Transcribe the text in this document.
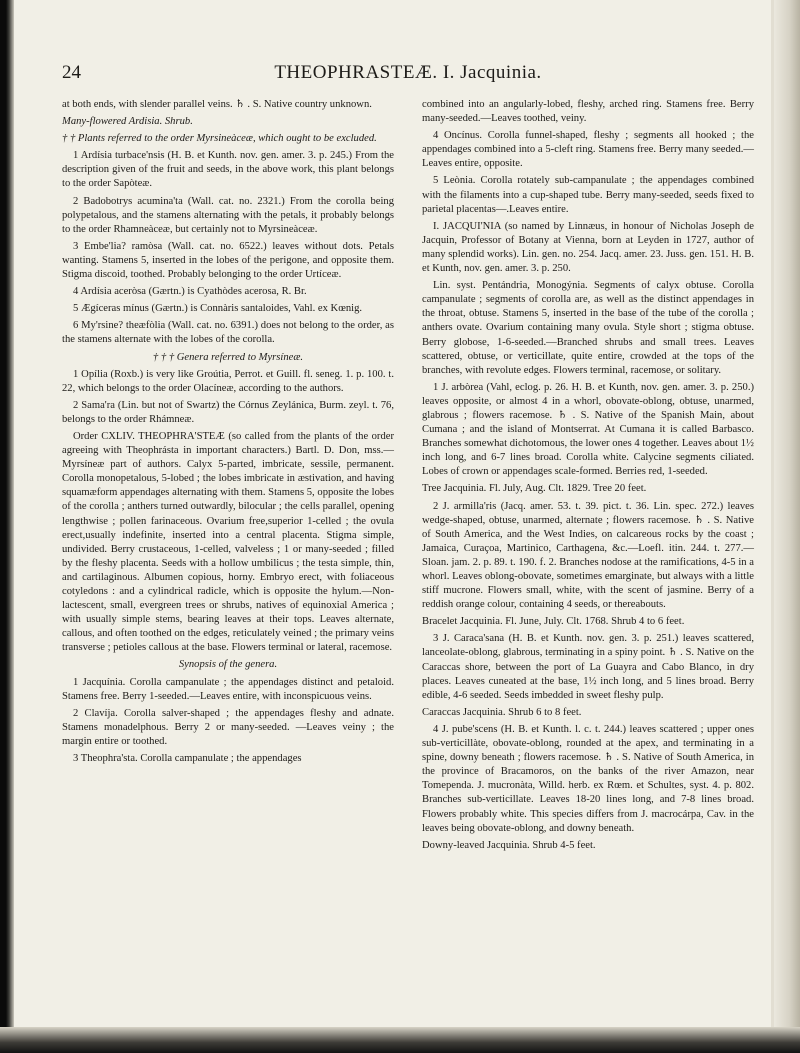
24	THEOPHRASTEÆ. I. Jacquinia.

at both ends, with slender parallel veins. ♄ . S. Native country unknown.

Many-flowered Ardisia. Shrub.

† † Plants referred to the order Myrsineàceæ, which ought to be excluded.

1 Ardísia turbace'nsis (H. B. et Kunth. nov. gen. amer. 3. p. 245.) From the description given of the fruit and seeds, in the above work, this plant belongs to the order Sapòteæ.

2 Badobotrys acumina'ta (Wall. cat. no. 2321.) From the corolla being polypetalous, and the stamens alternating with the petals, it probably belongs to the order Rhamneàceæ, but certainly not to Myrsineàceæ.

3 Embe'lia? ramòsa (Wall. cat. no. 6522.) leaves without dots. Petals wanting. Stamens 5, inserted in the lobes of the perigone, and opposite them. Stigma discoid, toothed. Probably belonging to the order Urtíceæ.

4 Ardísia aceròsa (Gærtn.) is Cyathòdes acerosa, R. Br.

5 Ægíceras mínus (Gærtn.) is Connàris santaloides, Vahl. ex Kœnig.

6 My'rsine? theæfòlia (Wall. cat. no. 6391.) does not belong to the order, as the stamens alternate with the lobes of the corolla.

† † † Genera referred to Myrsíneæ.

1 Opília (Roxb.) is very like Groútia, Perrot. et Guill. fl. seneg. 1. p. 100. t. 22, which belongs to the order Olacíneæ, according to the authors.

2 Sama'ra (Lin. but not of Swartz) the Córnus Zeylánica, Burm. zeyl. t. 76, belongs to the order Rhámneæ.

Order CXLIV. THEOPHRA'STEÆ (so called from the plants of the order agreeing with Theophrásta in important characters.) Bartl. D. Don, mss.—Myrsíneæ part of authors. Calyx 5-parted, imbricate, sessile, permanent. Corolla monopetalous, 5-lobed ; the lobes imbricate in æstivation, and having squamæform appendages alternating with them. Stamens 5, opposite the lobes of the corolla ; anthers turned outwardly, bilocular ; the cells parallel, opening lengthwise ; pollen farinaceous. Ovarium free,superior 1-celled ; the ovula erect,usually indefinite, inserted into a central placenta. Stigma simple, undivided. Berry crustaceous, 1-celled, valveless ; 1 or many-seeded ; filled by the fleshy placenta. Seeds with a hollow umbilicus ; the testa simple, thin, and cartilaginous. Albumen copious, horny. Embryo erect, with foliaceous cotyledons : and a cylindrical radicle, which is opposite the hylum.—Non-lactescent, small, evergreen trees or shrubs, natives of equinoxial America ; with usually simple stems, bearing leaves at their tops. Leaves alternate, callous, and often toothed on the edges, reticulately veined ; the primary veins transverse ; petioles callous at the base. Flowers terminal or lateral, racemose.

Synopsis of the genera.

1 Jacquínia. Corolla campanulate ; the appendages distinct and petaloid. Stamens free. Berry 1-seeded.—Leaves entire, with inconspicuous veins.

2 Clavíja. Corolla salver-shaped ; the appendages fleshy and adnate. Stamens monadelphous. Berry 2 or many-seeded. —Leaves veiny ; the margin entire or toothed.

3 Theophra'sta. Corolla campanulate ; the appendages

combined into an angularly-lobed, fleshy, arched ring. Stamens free. Berry many-seeded.—Leaves toothed, veiny.

4 Oncínus. Corolla funnel-shaped, fleshy ; segments all hooked ; the appendages combined into a 5-cleft ring. Stamens free. Berry many seeded.—Leaves entire, opposite.

5 Leònia. Corolla rotately sub-campanulate ; the appendages combined with the filaments into a cup-shaped tube. Berry many-seeded, seeds fixed to parietal placentas—.Leaves entire.

I. JACQUI'NIA (so named by Linnæus, in honour of Nicholas Joseph de Jacquin, Professor of Botany at Vienna, born at Leyden in 1727, author of many splendid works). Lin. gen. no. 254. Jacq. amer. 23. Juss. gen. 151. H. B. et Kunth, nov. gen. amer. 3. p. 250.

Lin. syst. Pentándria, Monogýnia. Segments of calyx obtuse. Corolla campanulate ; segments of corolla are, as well as the distinct appendages in the throat, obtuse. Stamens 5, inserted in the base of the tube of the corolla ; anthers ovate. Ovarium containing many ovula. Style short ; stigma obtuse. Berry globose, 1-6-seeded.—Branched shrubs and small trees. Leaves scattered, obtuse, or verticillate, quite entire, crowded at the tops of the branches, with revolute edges. Flowers terminal, racemose, or solitary.

1 J. arbòrea (Vahl, eclog. p. 26. H. B. et Kunth, nov. gen. amer. 3. p. 250.) leaves opposite, or almost 4 in a whorl, obovate-oblong, obtuse, unarmed, glabrous ; flowers racemose. ♄ . S. Native of the Spanish Main, about Cumana ; and the island of Montserrat. At Cumana it is called Barbasco. Branches somewhat dichotomous, the lower ones 4 together. Leaves about 1½ inch long, and 6-7 lines broad. Corolla white. Calycine segments ciliated. Lobes of crown or appendages scale-formed. Berries red, 1-seeded.

Tree Jacquinia. Fl. July, Aug. Clt. 1829. Tree 20 feet.

2 J. armilla'ris (Jacq. amer. 53. t. 39. pict. t. 36. Lin. spec. 272.) leaves wedge-shaped, obtuse, unarmed, alternate ; flowers racemose. ♄ . S. Native of South America, and the West Indies, on calcareous rocks by the coast ; Jamaica, Curaçoa, Martinico, Carthagena, &c.—Loefl. itin. 244. t. 277.— Sloan. jam. 2. p. 89. t. 190. f. 2. Branches nodose at the ramifications, 4-5 in a whorl. Leaves oblong-obovate, sometimes emarginate, but always with a little stiff mucrone. Flowers small, white, with the scent of jasmine. Berry of a reddish orange colour, containing 4 seeds, or thereabouts.

Bracelet Jacquinia. Fl. June, July. Clt. 1768. Shrub 4 to 6 feet.

3 J. Caraca'sana (H. B. et Kunth. nov. gen. 3. p. 251.) leaves scattered, lanceolate-oblong, glabrous, terminating in a spiny point. ♄ . S. Native on the Caraccas shore, between the port of La Guayra and Cabo Blanco, in dry places. Leaves cuneated at the base, 1½ inch long, and 5 lines broad. Berry edible, 4-6 seeded. Seeds imbedded in sweet fleshy pulp.

Caraccas Jacquinia. Shrub 6 to 8 feet.

4 J. pube'scens (H. B. et Kunth. l. c. t. 244.) leaves scattered ; upper ones sub-verticillàte, obovate-oblong, rounded at the apex, and terminating in a spine, downy beneath ; flowers racemose. ♄ . S. Native of South America, in the province of Bracamoros, on the banks of the river Amazon, near Tomependa. J. mucronàta, Willd. herb. ex Rœm. et Schultes, syst. 4. p. 802. Branches sub-verticillate. Leaves 18-20 lines long, and 7-8 lines broad. Flowers probably white. This species differs from J. macrocárpa, Cav. in the leaves being obovate-oblong, and downy beneath.

Downy-leaved Jacquinia. Shrub 4-5 feet.
